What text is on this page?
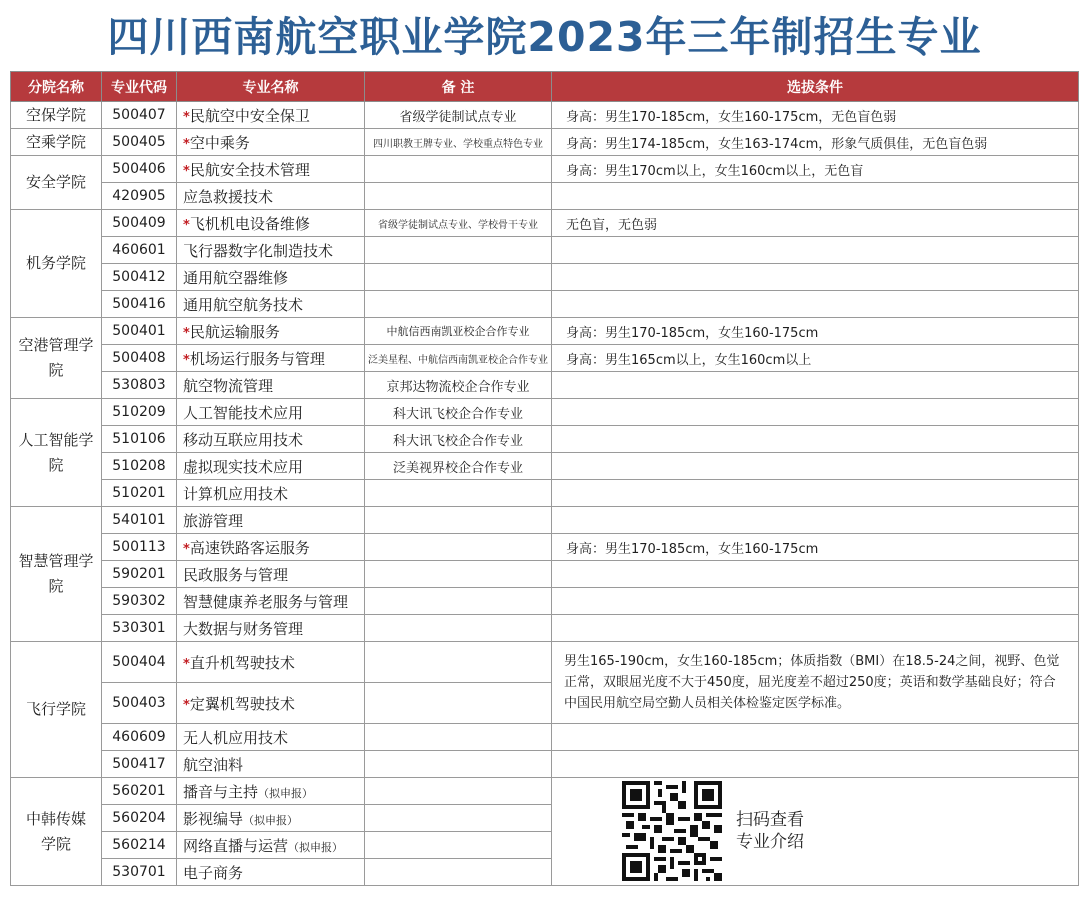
四川西南航空职业学院2023年三年制招生专业
分院名称	专业代码	专业名称	备 注	选拔条件
空保学院	500407	*民航空中安全保卫	省级学徒制试点专业	身高：男生170-185cm，女生160-175cm，无色盲色弱
空乘学院	500405	*空中乘务	四川职教王牌专业、学校重点特色专业	身高：男生174-185cm，女生163-174cm，形象气质俱佳，无色盲色弱
安全学院	500406	*民航安全技术管理		身高：男生170cm以上，女生160cm以上，无色盲
	420905	应急救援技术		
机务学院	500409	*飞机机电设备维修	省级学徒制试点专业、学校骨干专业	无色盲，无色弱
	460601	飞行器数字化制造技术		
	500412	通用航空器维修		
	500416	通用航空航务技术		
空港管理学院	500401	*民航运输服务	中航信西南凯亚校企合作专业	身高：男生170-185cm，女生160-175cm
	500408	*机场运行服务与管理	泛美星程、中航信西南凯亚校企合作专业	身高：男生165cm以上，女生160cm以上
	530803	航空物流管理	京邦达物流校企合作专业	
人工智能学院	510209	人工智能技术应用	科大讯飞校企合作专业	
	510106	移动互联应用技术	科大讯飞校企合作专业	
	510208	虚拟现实技术应用	泛美视界校企合作专业	
	510201	计算机应用技术		
智慧管理学院	540101	旅游管理		
	500113	*高速铁路客运服务		身高：男生170-185cm，女生160-175cm
	590201	民政服务与管理		
	590302	智慧健康养老服务与管理		
	530301	大数据与财务管理		
飞行学院	500404	*直升机驾驶技术		男生165-190cm，女生160-185cm；体质指数（BMI）在18.5-24之间，视野、色觉正常，双眼屈光度不大于450度，屈光度差不超过250度；英语和数学基础良好；符合中国民用航空局空勤人员相关体检鉴定医学标准。
	500403	*定翼机驾驶技术		
	460609	无人机应用技术		
	500417	航空油料		
中韩传媒学院	560201	播音与主持（拟申报）		扫码查看
专业介绍

	560204	影视编导（拟申报）		
	560214	网络直播与运营（拟申报）		
	530701	电子商务		
